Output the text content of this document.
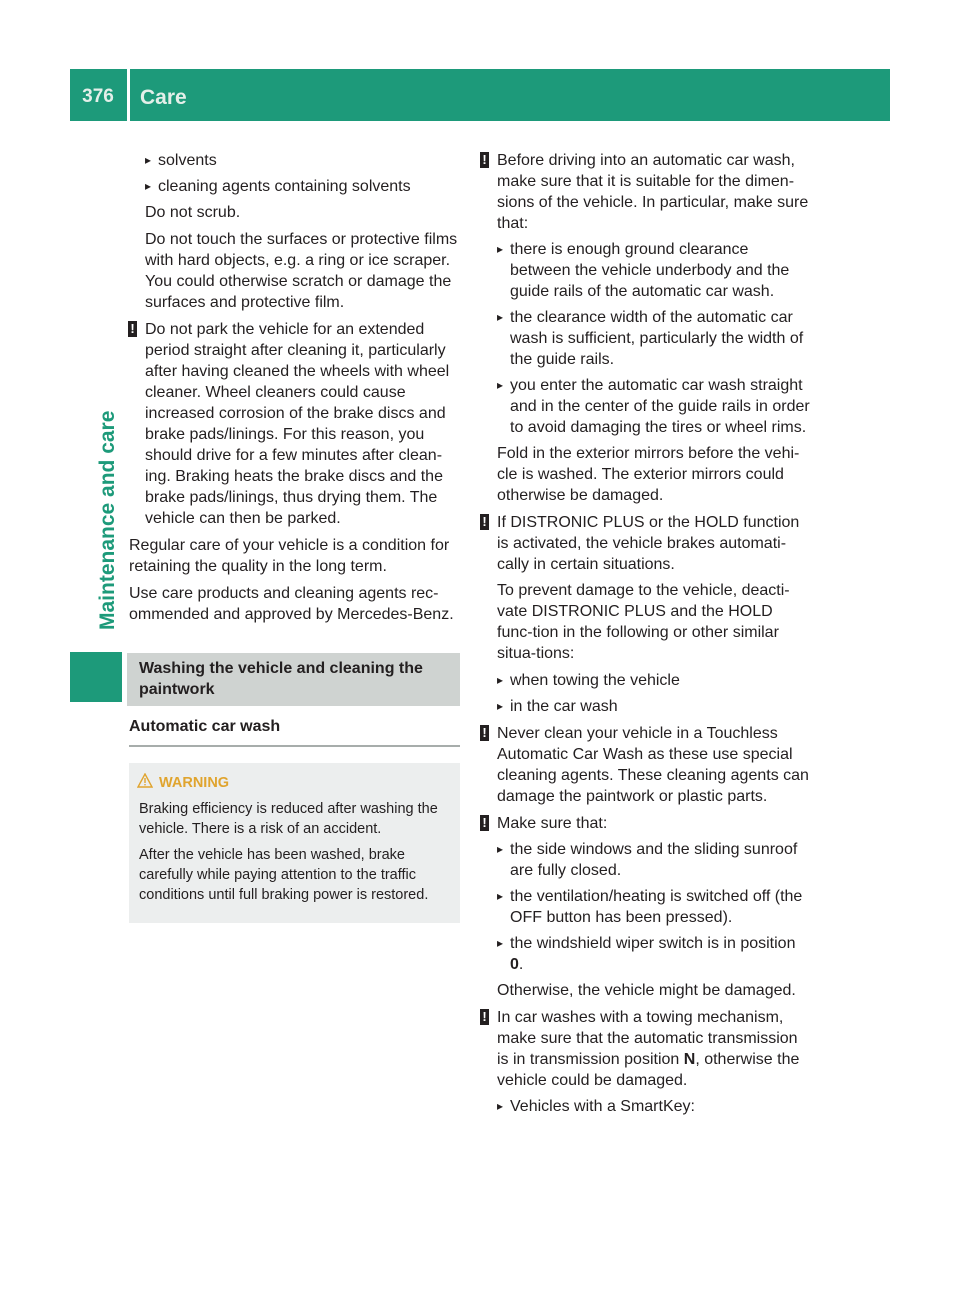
376	Care
Maintenance and care
▸ solvents
▸ cleaning agents containing solvents

Do not scrub.

Do not touch the surfaces or protective films with hard objects, e.g. a ring or ice scraper. You could otherwise scratch or damage the surfaces and protective film.

! Do not park the vehicle for an extended period straight after cleaning it, particularly after having cleaned the wheels with wheel cleaner. Wheel cleaners could cause increased corrosion of the brake discs and brake pads/linings. For this reason, you should drive for a few minutes after clean-ing. Braking heats the brake discs and the brake pads/linings, thus drying them. The vehicle can then be parked.

Regular care of your vehicle is a condition for retaining the quality in the long term.

Use care products and cleaning agents rec-ommended and approved by Mercedes-Benz.

Washing the vehicle and cleaning the paintwork
Automatic car wash
WARNING

Braking efficiency is reduced after washing the vehicle. There is a risk of an accident.

After the vehicle has been washed, brake carefully while paying attention to the traffic conditions until full braking power is restored.

! Before driving into an automatic car wash, make sure that it is suitable for the dimen-sions of the vehicle. In particular, make sure that:
▸ there is enough ground clearance between the vehicle underbody and the guide rails of the automatic car wash.
▸ the clearance width of the automatic car wash is sufficient, particularly the width of the guide rails.
▸ you enter the automatic car wash straight and in the center of the guide rails in order to avoid damaging the tires or wheel rims.

Fold in the exterior mirrors before the vehi-cle is washed. The exterior mirrors could otherwise be damaged.

! If DISTRONIC PLUS or the HOLD function is activated, the vehicle brakes automati-cally in certain situations.

To prevent damage to the vehicle, deacti-vate DISTRONIC PLUS and the HOLD func-tion in the following or other similar situa-tions:

▸ when towing the vehicle
▸ in the car wash
! Never clean your vehicle in a Touchless Automatic Car Wash as these use special cleaning agents. These cleaning agents can damage the paintwork or plastic parts.
! Make sure that:
▸ the side windows and the sliding sunroof are fully closed.
▸ the ventilation/heating is switched off (the OFF button has been pressed).
▸ the windshield wiper switch is in position
0.

Otherwise, the vehicle might be damaged.

! In car washes with a towing mechanism, make sure that the automatic transmission is in transmission position N, otherwise the vehicle could be damaged.
▸ Vehicles with a SmartKey:
